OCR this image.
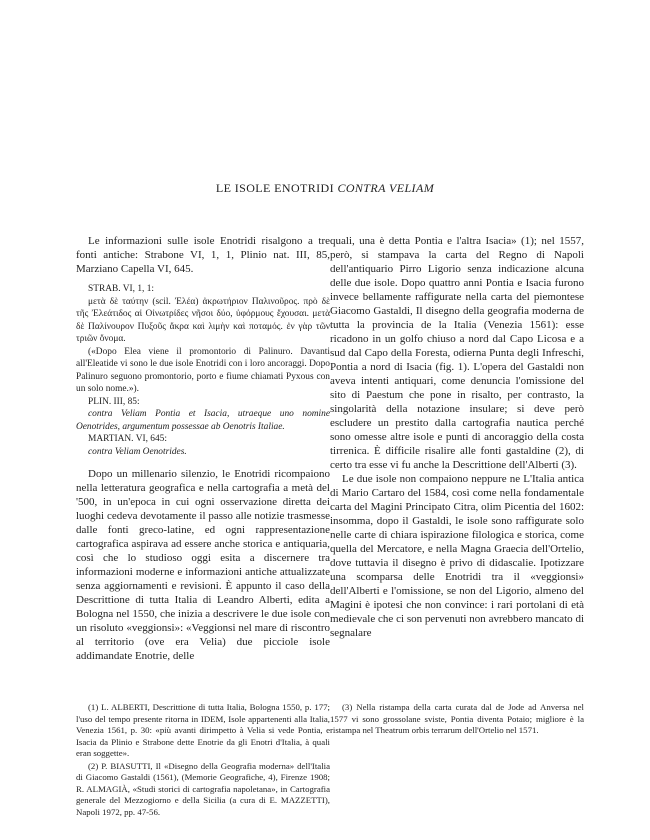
LE ISOLE ENOTRIDI CONTRA VELIAM

Le informazioni sulle isole Enotridi risalgono a tre fonti antiche: Strabone VI, 1, 1, Plinio nat. III, 85, Marziano Capella VI, 645.

STRAB. VI, 1, 1:

μετὰ δὲ ταύτην (scil. Ἐλέα) ἀκρωτήριον Παλινοῦρος. πρὸ δὲ τῆς Ἐλεάτιδος αἱ Οἰνωτρίδες νῆσοι δύο, ὑφόρμους ἔχουσαι. μετὰ δὲ Παλίνουρον Πυξοῦς ἄκρα καὶ λιμὴν καὶ ποταμός. ἐν γὰρ τῶν τριῶν ὄνομα.

(«Dopo Elea viene il promontorio di Palinuro. Davanti all'Eleatide vi sono le due isole Enotridi con i loro ancoraggi. Dopo Palinuro seguono promontorio, porto e fiume chiamati Pyxous con un solo nome.»).

PLIN. III, 85:

contra Veliam Pontia et Isacia, utraeque uno nomine Oenotrides, argumentum possessae ab Oenotris Italiae.

MARTIAN. VI, 645:

contra Veliam Oenotrides.

Dopo un millenario silenzio, le Enotridi ricompaiono nella letteratura geografica e nella cartografia a metà del '500, in un'epoca in cui ogni osservazione diretta dei luoghi cedeva devotamente il passo alle notizie trasmesse dalle fonti greco-latine, ed ogni rappresentazione cartografica aspirava ad essere anche storica e antiquaria, così che lo studioso oggi esita a discernere tra informazioni moderne e informazioni antiche attualizzate senza aggiornamenti e revisioni. È appunto il caso della Descrittione di tutta Italia di Leandro Alberti, edita a Bologna nel 1550, che inizia a descrivere le due isole con un risoluto «veggionsi»: «Veggionsi nel mare di riscontro al territorio (ove era Velia) due picciole isole addimandate Enotrie, delle

quali, una è detta Pontia e l'altra Isacia» (1); nel 1557, però, si stampava la carta del Regno di Napoli dell'antiquario Pirro Ligorio senza indicazione alcuna delle due isole. Dopo quattro anni Pontia e Isacia furono invece bellamente raffigurate nella carta del piemontese Giacomo Gastaldi, Il disegno della geografia moderna de tutta la provincia de la Italia (Venezia 1561): esse ricadono in un golfo chiuso a nord dal Capo Licosa e a sud dal Capo della Foresta, odierna Punta degli Infreschi, Pontia a nord di Isacia (fig. 1). L'opera del Gastaldi non aveva intenti antiquari, come denuncia l'omissione del sito di Paestum che pone in risalto, per contrasto, la singolarità della notazione insulare; si deve però escludere un prestito dalla cartografia nautica perché sono omesse altre isole e punti di ancoraggio della costa tirrenica. È difficile risalire alle fonti gastaldine (2), di certo tra esse vi fu anche la Descrittione dell'Alberti (3).

Le due isole non compaiono neppure ne L'Italia antica di Mario Cartaro del 1584, così come nella fondamentale carta del Magini Principato Citra, olim Picentia del 1602: insomma, dopo il Gastaldi, le isole sono raffigurate solo nelle carte di chiara ispirazione filologica e storica, come quella del Mercatore, e nella Magna Graecia dell'Ortelio, dove tuttavia il disegno è privo di didascalie. Ipotizzare una scomparsa delle Enotridi tra il «veggionsi» dell'Alberti e l'omissione, se non del Ligorio, almeno del Magini è ipotesi che non convince: i rari portolani di età medievale che ci son pervenuti non avrebbero mancato di segnalare

(1) L. ALBERTI, Descrittione di tutta Italia, Bologna 1550, p. 177; l'uso del tempo presente ritorna in IDEM, Isole appartenenti alla Italia, Venezia 1561, p. 30: «più avanti dirimpetto à Velia si vede Pontia, e Isacia da Plinio e Strabone dette Enotrie da gli Enotri d'Italia, à quali eran soggette».

(2) P. BIASUTTI, Il «Disegno della Geografia moderna» dell'Italia di Giacomo Gastaldi (1561), (Memorie Geografiche, 4), Firenze 1908; R. ALMAGIÀ, «Studi storici di cartografia napoletana», in Cartografia generale del Mezzogiorno e della Sicilia (a cura di E. MAZZETTI), Napoli 1972, pp. 47-56.

(3) Nella ristampa della carta curata dal de Jode ad Anversa nel 1577 vi sono grossolane sviste, Pontia diventa Potaio; migliore è la ristampa nel Theatrum orbis terrarum dell'Ortelio nel 1571.
